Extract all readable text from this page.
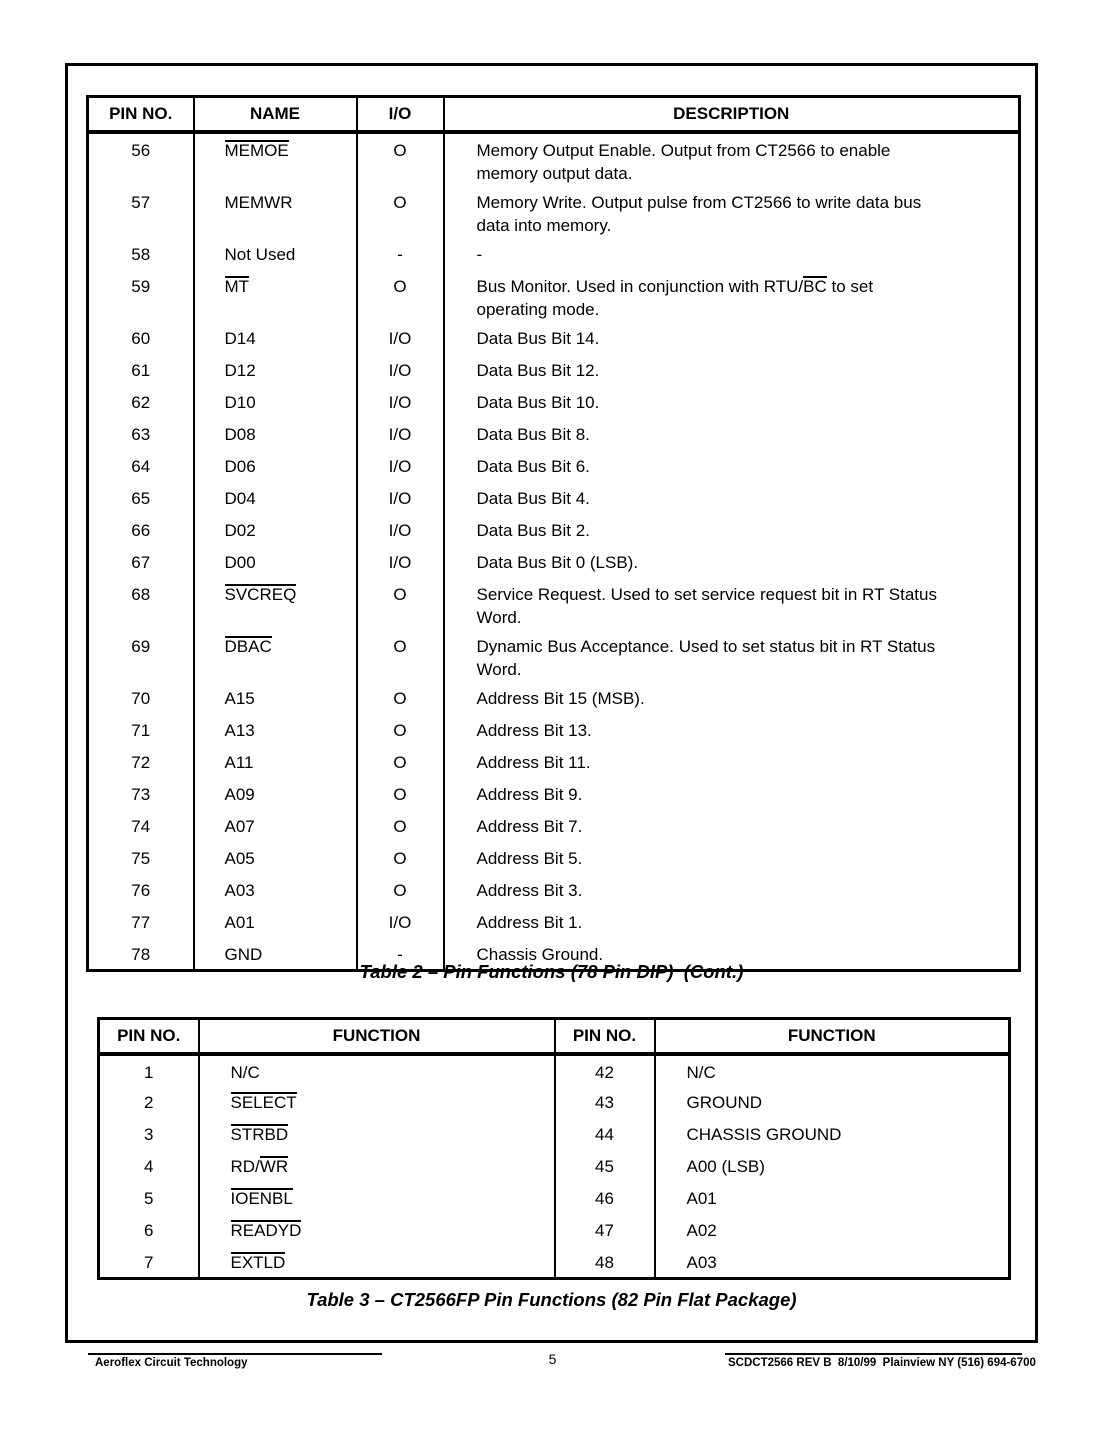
PIN NO.	NAME	I/O	DESCRIPTION
56	MEMOE	O	Memory Output Enable. Output from CT2566 to enable
memory output data.

57	MEMWR	O	Memory Write. Output pulse from CT2566 to write data bus
data into memory.

58	Not Used	-	-

59	MT	O	Bus Monitor. Used in conjunction with RTU/BC to set
operating mode.

60	D14	I/O	Data Bus Bit 14.

61	D12	I/O	Data Bus Bit 12.

62	D10	I/O	Data Bus Bit 10.

63	D08	I/O	Data Bus Bit 8.

64	D06	I/O	Data Bus Bit 6.

65	D04	I/O	Data Bus Bit 4.

66	D02	I/O	Data Bus Bit 2.

67	D00	I/O	Data Bus Bit 0 (LSB).

68	SVCREQ	O	Service Request. Used to set service request bit in RT Status
Word.

69	DBAC	O	Dynamic Bus Acceptance. Used to set status bit in RT Status
Word.

70	A15	O	Address Bit 15 (MSB).

71	A13	O	Address Bit 13.

72	A11	O	Address Bit 11.

73	A09	O	Address Bit 9.

74	A07	O	Address Bit 7.

75	A05	O	Address Bit 5.

76	A03	O	Address Bit 3.

77	A01	I/O	Address Bit 1.

78	GND	-	Chassis Ground.
Table 2 – Pin Functions (78 Pin DIP)  (Cont.)
PIN NO.	FUNCTION	PIN NO.	FUNCTION
1	N/C	42	N/C
2	SELECT	43	GROUND
3	STRBD	44	CHASSIS GROUND
4	RD/WR	45	A00 (LSB)
5	IOENBL	46	A01
6	READYD	47	A02
7	EXTLD	48	A03
Table 3 – CT2566FP Pin Functions (82 Pin Flat Package)
Aeroflex Circuit Technology	5	SCDCT2566 REV B  8/10/99  Plainview NY (516) 694-6700
